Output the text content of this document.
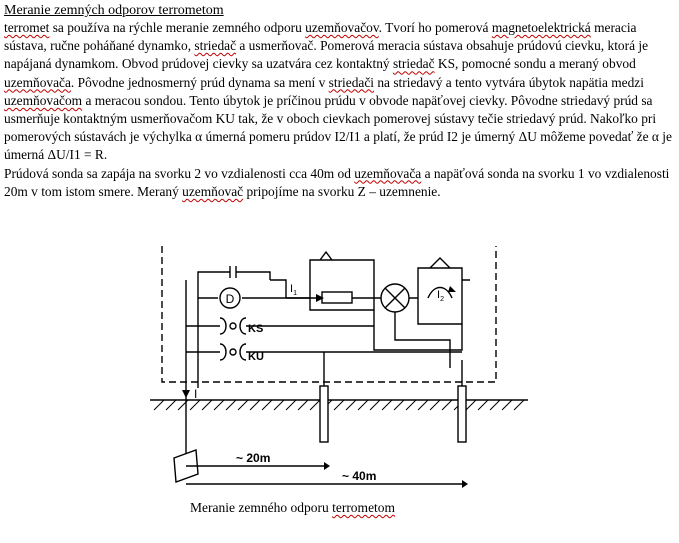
Meranie zemných odporov terrometom

terromet sa používa na rýchle meranie zemného odporu uzemňovačov. Tvorí ho pomerová magnetoelektrická meracia sústava, ručne poháňané dynamko, striedač a usmerňovač. Pomerová meracia sústava obsahuje prúdovú cievku, ktorá je napájaná dynamkom. Obvod prúdovej cievky sa uzatvára cez kontaktný striedač KS, pomocné sondu a meraný obvod uzemňovača. Pôvodne jednosmerný prúd dynama sa mení v striedači na striedavý a tento vytvára úbytok napätia medzi uzemňovačom a meracou sondou. Tento úbytok je príčinou prúdu v obvode napäťovej cievky. Pôvodne striedavý prúd sa usmerňuje kontaktným usmerňovačom KU tak, že v oboch cievkach pomerovej sústavy tečie striedavý prúd. Nakoľko pri pomerových sústavách je výchylka α úmerná pomeru prúdov I2/I1 a platí, že prúd I2 je úmerný ΔU môžeme povedať že α je úmerná ΔU/I1 = R.

Prúdová sonda sa zapája na svorku 2 vo vzdialenosti cca 40m od uzemňovača a napäťová sonda na svorku 1 vo vzdialenosti 20m v tom istom smere. Meraný uzemňovač pripojíme na svorku Z – uzemnenie.

D
$I_1$	$I_2$
KS
KU
I
~ 20m
~ 40m
Meranie zemného odporu terrometom
